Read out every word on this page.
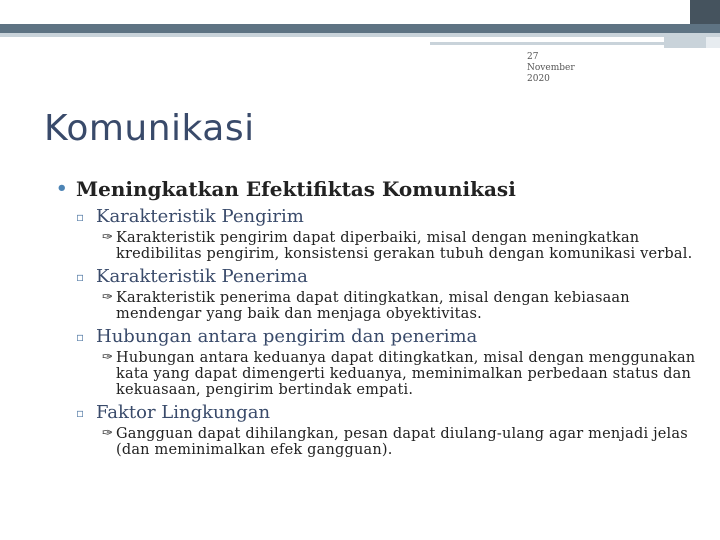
27 November
2020
Komunikasi
• Meningkatkan Efektifiktas Komunikasi
▫ Karakteristik Pengirim
✑ Karakteristik pengirim dapat diperbaiki, misal dengan meningkatkan kredibilitas pengirim, konsistensi gerakan tubuh dengan komunikasi verbal.
▫ Karakteristik Penerima
✑ Karakteristik penerima dapat ditingkatkan, misal dengan kebiasaan mendengar yang baik dan menjaga obyektivitas.
▫ Hubungan antara pengirim dan penerima
✑ Hubungan antara keduanya dapat ditingkatkan, misal dengan menggunakan kata yang dapat dimengerti keduanya, meminimalkan perbedaan status dan kekuasaan, pengirim bertindak empati.
▫ Faktor Lingkungan
✑ Gangguan dapat dihilangkan, pesan dapat diulang-ulang agar menjadi jelas (dan meminimalkan efek gangguan).
